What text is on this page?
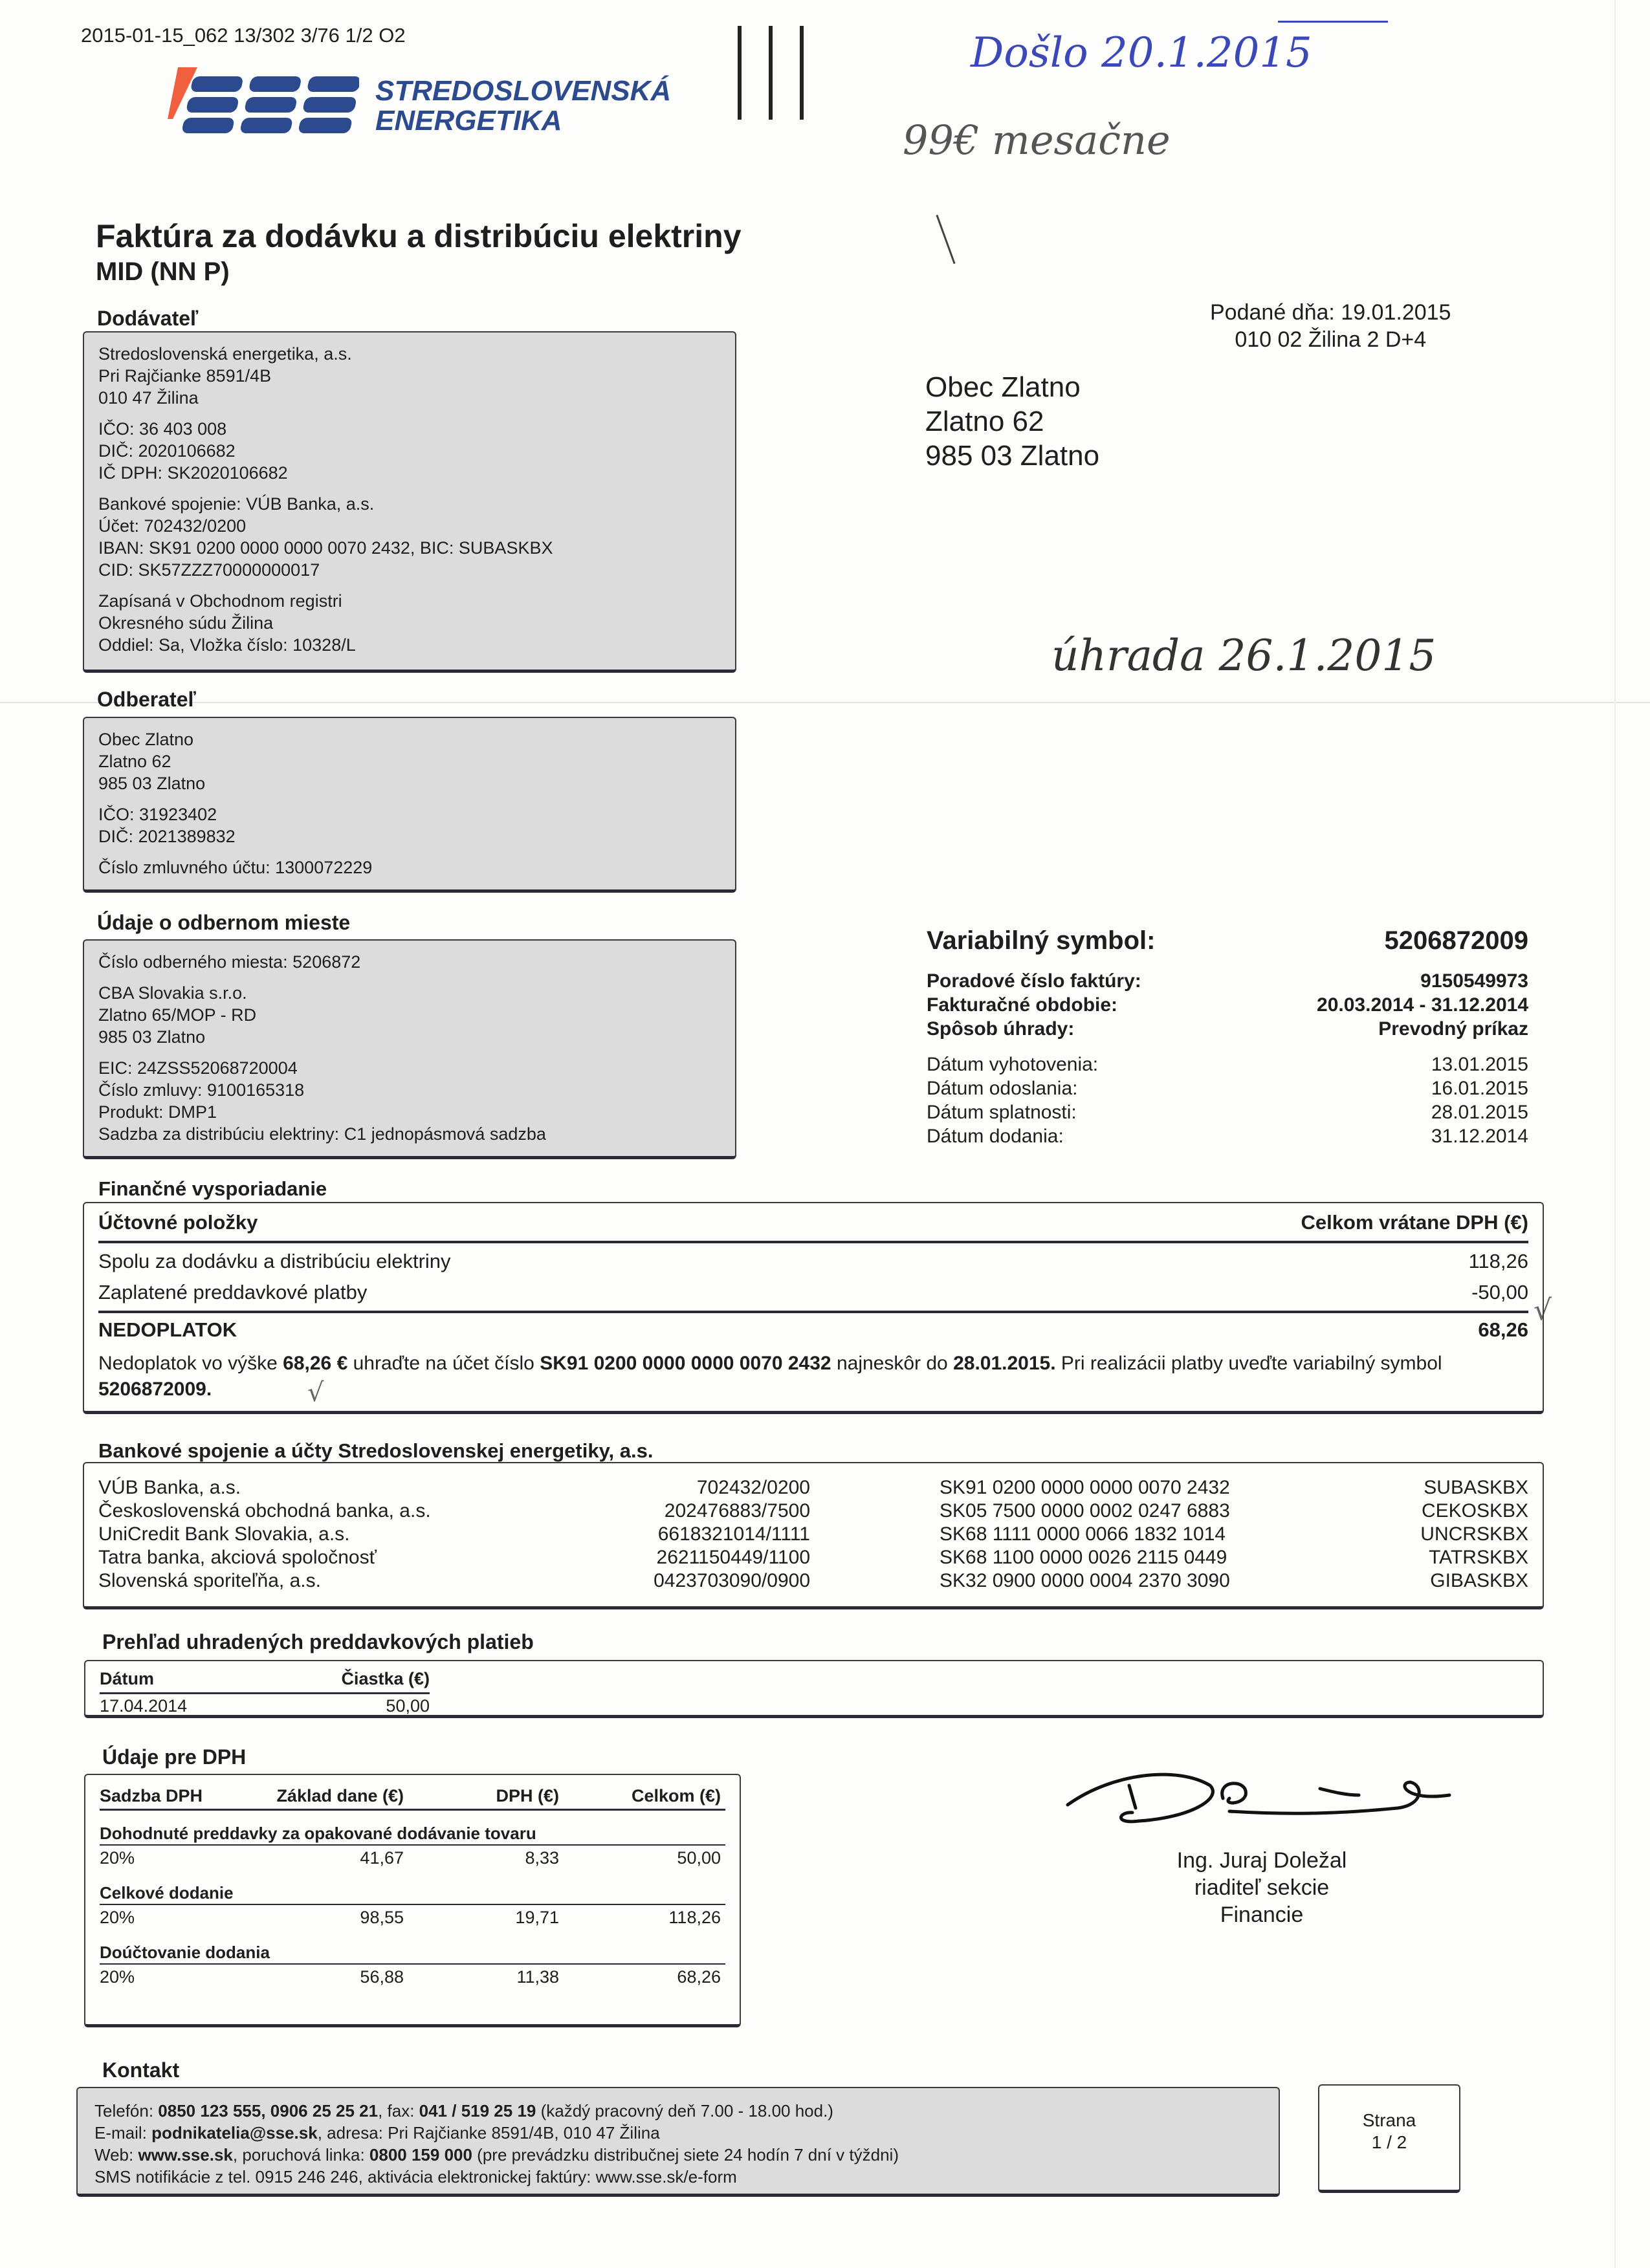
2015-01-15_062 13/302 3/76 1/2 O2
STREDOSLOVENSKÁ
ENERGETIKA
Došlo 20.1.2015
99€ mesačne
úhrada 26.1.2015
√
√
Faktúra za dodávku a distribúciu elektriny
MID (NN P)
Podané dňa: 19.01.2015
010 02 Žilina 2 D+4
Obec Zlatno
Zlatno 62
985 03 Zlatno
Dodávateľ
Stredoslovenská energetika, a.s.
Pri Rajčianke 8591/4B
010 47 Žilina
IČO: 36 403 008
DIČ: 2020106682
IČ DPH: SK2020106682
Bankové spojenie: VÚB Banka, a.s.
Účet: 702432/0200
IBAN: SK91 0200 0000 0000 0070 2432, BIC: SUBASKBX
CID: SK57ZZZ70000000017
Zapísaná v Obchodnom registri
Okresného súdu Žilina
Oddiel: Sa, Vložka číslo: 10328/L
Odberateľ
Obec Zlatno
Zlatno 62
985 03 Zlatno
IČO: 31923402
DIČ: 2021389832
Číslo zmluvného účtu: 1300072229
Údaje o odbernom mieste
Číslo odberného miesta: 5206872
CBA Slovakia s.r.o.
Zlatno 65/MOP - RD
985 03 Zlatno
EIC: 24ZSS52068720004
Číslo zmluvy: 9100165318
Produkt: DMP1
Sadzba za distribúciu elektriny: C1 jednopásmová sadzba
Variabilný symbol:	5206872009
Poradové číslo faktúry:	9150549973
Fakturačné obdobie:	20.03.2014 - 31.12.2014
Spôsob úhrady:	Prevodný príkaz
Dátum vyhotovenia:	13.01.2015
Dátum odoslania:	16.01.2015
Dátum splatnosti:	28.01.2015
Dátum dodania:	31.12.2014
Finančné vysporiadanie
Účtovné položky	Celkom vrátane DPH (€)
Spolu za dodávku a distribúciu elektriny	118,26
Zaplatené preddavkové platby	-50,00
NEDOPLATOK	68,26
Nedoplatok vo výške 68,26 € uhraďte na účet číslo SK91 0200 0000 0000 0070 2432 najneskôr do 28.01.2015. Pri realizácii platby uveďte variabilný symbol 5206872009.
Bankové spojenie a účty Stredoslovenskej energetiky, a.s.
VÚB Banka, a.s.	702432/0200	SK91 0200 0000 0000 0070 2432	SUBASKBX
Československá obchodná banka, a.s.	202476883/7500	SK05 7500 0000 0002 0247 6883	CEKOSKBX
UniCredit Bank Slovakia, a.s.	6618321014/1111	SK68 1111 0000 0066 1832 1014	UNCRSKBX
Tatra banka, akciová spoločnosť	2621150449/1100	SK68 1100 0000 0026 2115 0449	TATRSKBX
Slovenská sporiteľňa, a.s.	0423703090/0900	SK32 0900 0000 0004 2370 3090	GIBASKBX
Prehľad uhradených preddavkových platieb
Dátum	Čiastka (€)
17.04.2014	50,00
Údaje pre DPH
Sadzba DPH	Základ dane (€)	DPH (€)	Celkom (€)
Dohodnuté preddavky za opakované dodávanie tovaru
20%	41,67	8,33	50,00
Celkové dodanie
20%	98,55	19,71	118,26
Doúčtovanie dodania
20%	56,88	11,38	68,26
Ing. Juraj Doležal
riaditeľ sekcie
Financie
Kontakt
Telefón: 0850 123 555, 0906 25 25 21, fax: 041 / 519 25 19 (každý pracovný deň 7.00 - 18.00 hod.)
E-mail: podnikatelia@sse.sk, adresa: Pri Rajčianke 8591/4B, 010 47 Žilina
Web: www.sse.sk, poruchová linka: 0800 159 000 (pre prevádzku distribučnej siete 24 hodín 7 dní v týždni)
SMS notifikácie z tel. 0915 246 246, aktivácia elektronickej faktúry: www.sse.sk/e-form
Strana
1 / 2
